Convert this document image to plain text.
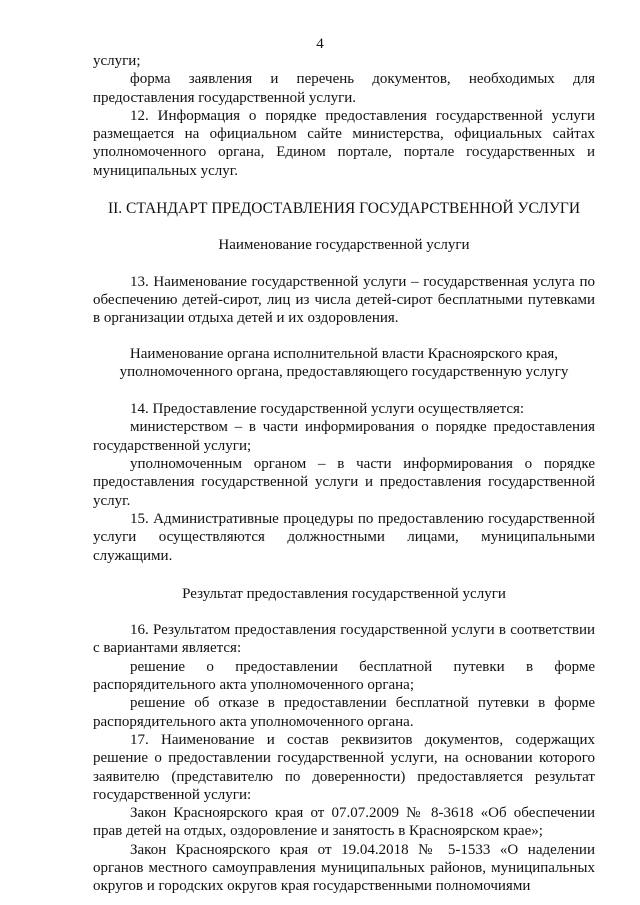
4

услуги;

форма заявления и перечень документов, необходимых для предоставления государственной услуги.

12. Информация о порядке предоставления государственной услуги размещается на официальном сайте министерства, официальных сайтах уполномоченного органа, Едином портале, портале государственных и муниципальных услуг.

II. СТАНДАРТ ПРЕДОСТАВЛЕНИЯ ГОСУДАРСТВЕННОЙ УСЛУГИ

Наименование государственной услуги

13. Наименование государственной услуги – государственная услуга по обеспечению детей-сирот, лиц из числа детей-сирот бесплатными путевками в организации отдыха детей и их оздоровления.

Наименование органа исполнительной власти Красноярского края,

уполномоченного органа, предоставляющего государственную услугу

14. Предоставление государственной услуги осуществляется:

министерством – в части информирования о порядке предоставления государственной услуги;

уполномоченным органом – в части информирования о порядке предоставления государственной услуги и предоставления государственной услуг.

15. Административные процедуры по предоставлению государственной услуги осуществляются должностными лицами, муниципальными служащими.

Результат предоставления государственной услуги

16. Результатом предоставления государственной услуги в соответствии с вариантами является:

решение о предоставлении бесплатной путевки в форме распорядительного акта уполномоченного органа;

решение об отказе в предоставлении бесплатной путевки в форме распорядительного акта уполномоченного органа.

17. Наименование и состав реквизитов документов, содержащих решение о предоставлении государственной услуги, на основании которого заявителю (представителю по доверенности) предоставляется результат государственной услуги:

Закон Красноярского края от 07.07.2009 № 8-3618 «Об обеспечении прав детей на отдых, оздоровление и занятость в Красноярском крае»;

Закон Красноярского края от 19.04.2018 № 5-1533 «О наделении органов местного самоуправления муниципальных районов, муниципальных округов и городских округов края государственными полномочиями
